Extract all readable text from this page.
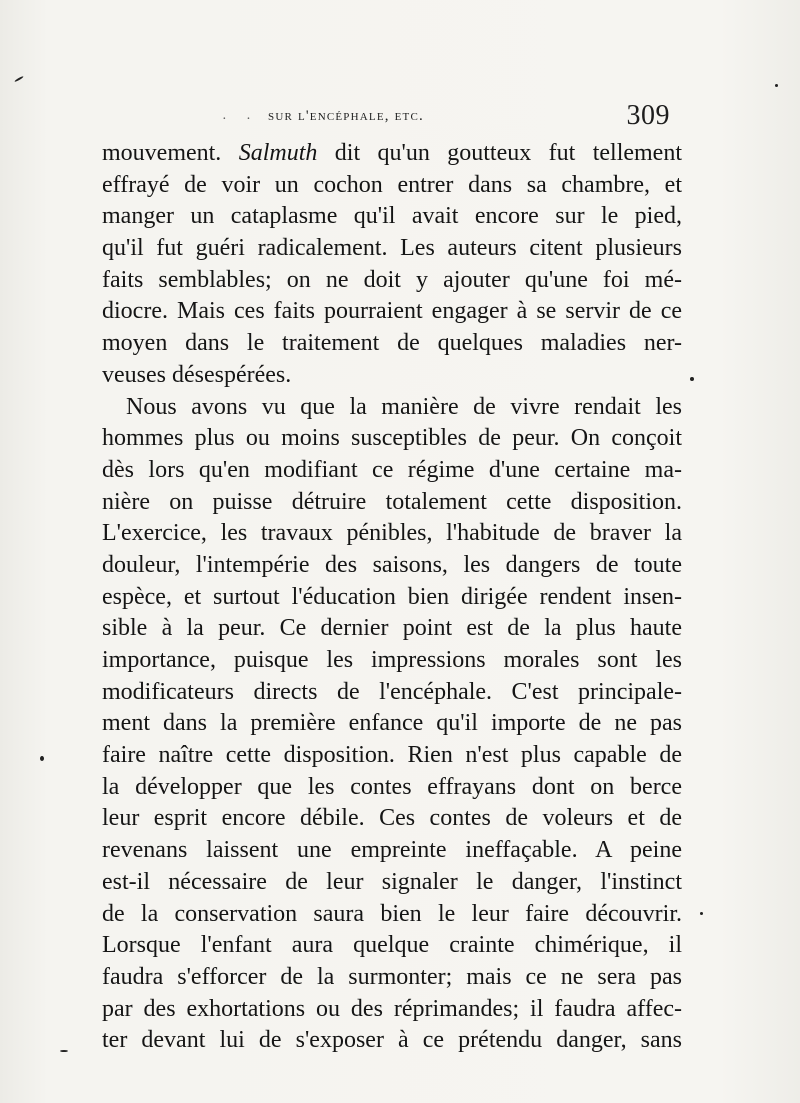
· · sur l'encéphale, etc.	309
mouvement. Salmuth dit qu'un goutteux fut tellement
effrayé de voir un cochon entrer dans sa chambre, et
manger un cataplasme qu'il avait encore sur le pied,
qu'il fut guéri radicalement. Les auteurs citent plusieurs
faits semblables; on ne doit y ajouter qu'une foi mé-
diocre. Mais ces faits pourraient engager à se servir de ce
moyen dans le traitement de quelques maladies ner-
veuses désespérées.
Nous avons vu que la manière de vivre rendait les
hommes plus ou moins susceptibles de peur. On conçoit
dès lors qu'en modifiant ce régime d'une certaine ma-
nière on puisse détruire totalement cette disposition.
L'exercice, les travaux pénibles, l'habitude de braver la
douleur, l'intempérie des saisons, les dangers de toute
espèce, et surtout l'éducation bien dirigée rendent insen-
sible à la peur. Ce dernier point est de la plus haute
importance, puisque les impressions morales sont les
modificateurs directs de l'encéphale. C'est principale-
ment dans la première enfance qu'il importe de ne pas
faire naître cette disposition. Rien n'est plus capable de
la développer que les contes effrayans dont on berce
leur esprit encore débile. Ces contes de voleurs et de
revenans laissent une empreinte ineffaçable. A peine
est-il nécessaire de leur signaler le danger, l'instinct
de la conservation saura bien le leur faire découvrir.
Lorsque l'enfant aura quelque crainte chimérique, il
faudra s'efforcer de la surmonter; mais ce ne sera pas
par des exhortations ou des réprimandes; il faudra affec-
ter devant lui de s'exposer à ce prétendu danger, sans
